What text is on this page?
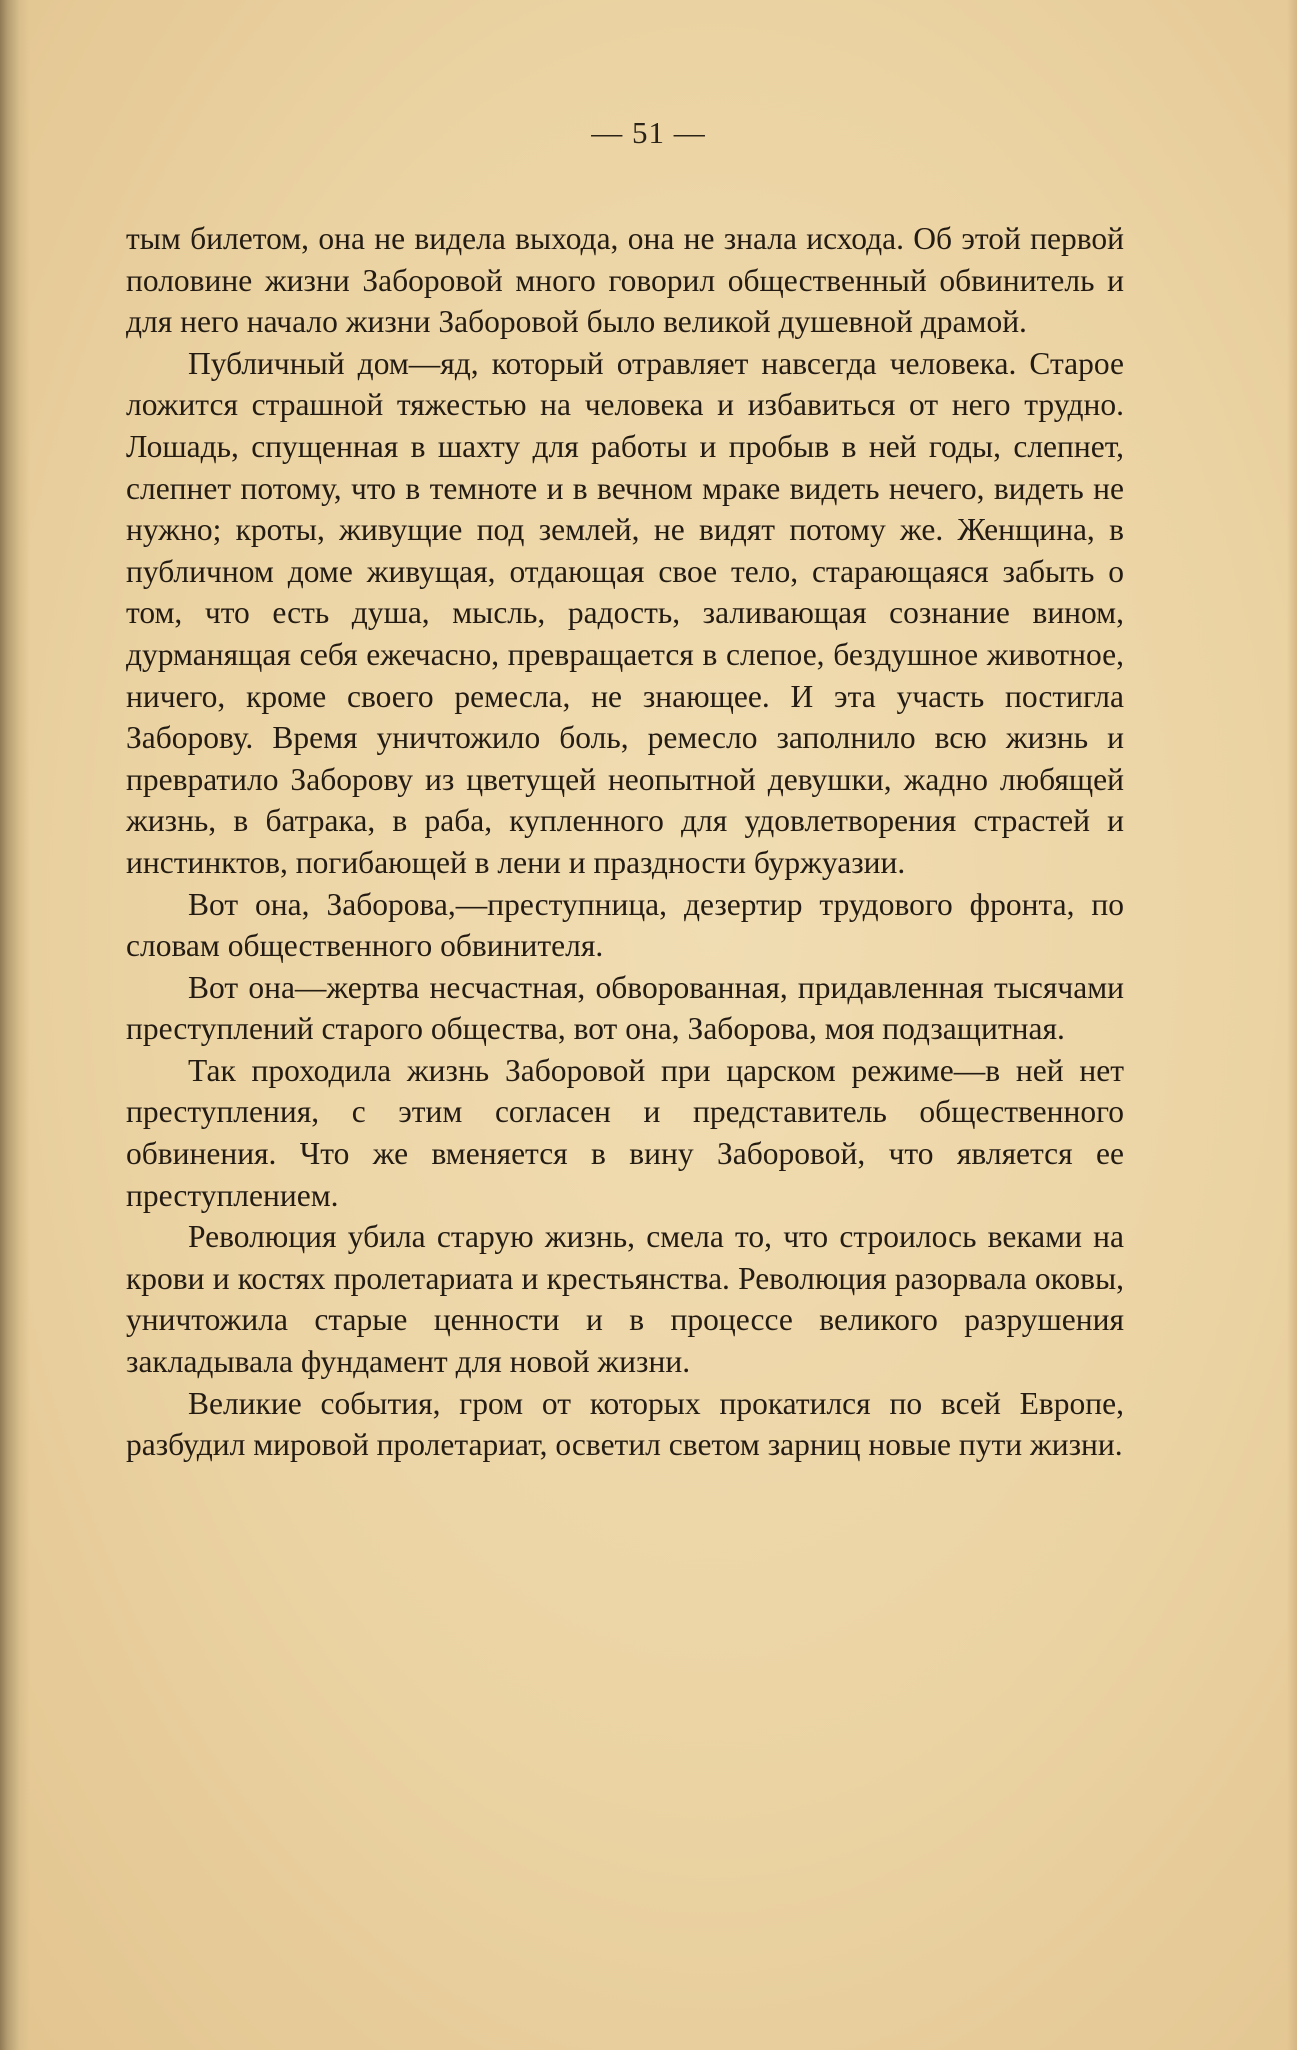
— 51 —

тым билетом, она не видела выхода, она не знала исхода. Об этой первой половине жизни Заборовой много говорил общественный обвинитель и для него начало жизни Заборовой было великой душевной драмой.

Публичный дом—яд, который отравляет навсегда человека. Старое ложится страшной тяжестью на человека и избавиться от него трудно. Лошадь, спущенная в шахту для работы и пробыв в ней годы, слепнет, слепнет потому, что в темноте и в вечном мраке видеть нечего, видеть не нужно; кроты, живущие под землей, не видят потому же. Женщина, в публичном доме живущая, отдающая свое тело, старающаяся забыть о том, что есть душа, мысль, радость, заливающая сознание вином, дурманящая себя ежечасно, превращается в слепое, бездушное животное, ничего, кроме своего ремесла, не знающее. И эта участь постигла Заборову. Время уничтожило боль, ремесло заполнило всю жизнь и превратило Заборову из цветущей неопытной девушки, жадно любящей жизнь, в батрака, в раба, купленного для удовлетворения страстей и инстинктов, погибающей в лени и праздности буржуазии.

Вот она, Заборова,—преступница, дезертир трудового фронта, по словам общественного обвинителя.

Вот она—жертва несчастная, обворованная, придавленная тысячами преступлений старого общества, вот она, Заборова, моя подзащитная.

Так проходила жизнь Заборовой при царском режиме—в ней нет преступления, с этим согласен и представитель общественного обвинения. Что же вменяется в вину Заборовой, что является ее преступлением.

Революция убила старую жизнь, смела то, что строилось веками на крови и костях пролетариата и крестьянства. Революция разорвала оковы, уничтожила старые ценности и в процессе великого разрушения закладывала фундамент для новой жизни.

Великие события, гром от которых прокатился по всей Европе, разбудил мировой пролетариат, осветил светом зарниц новые пути жизни.
